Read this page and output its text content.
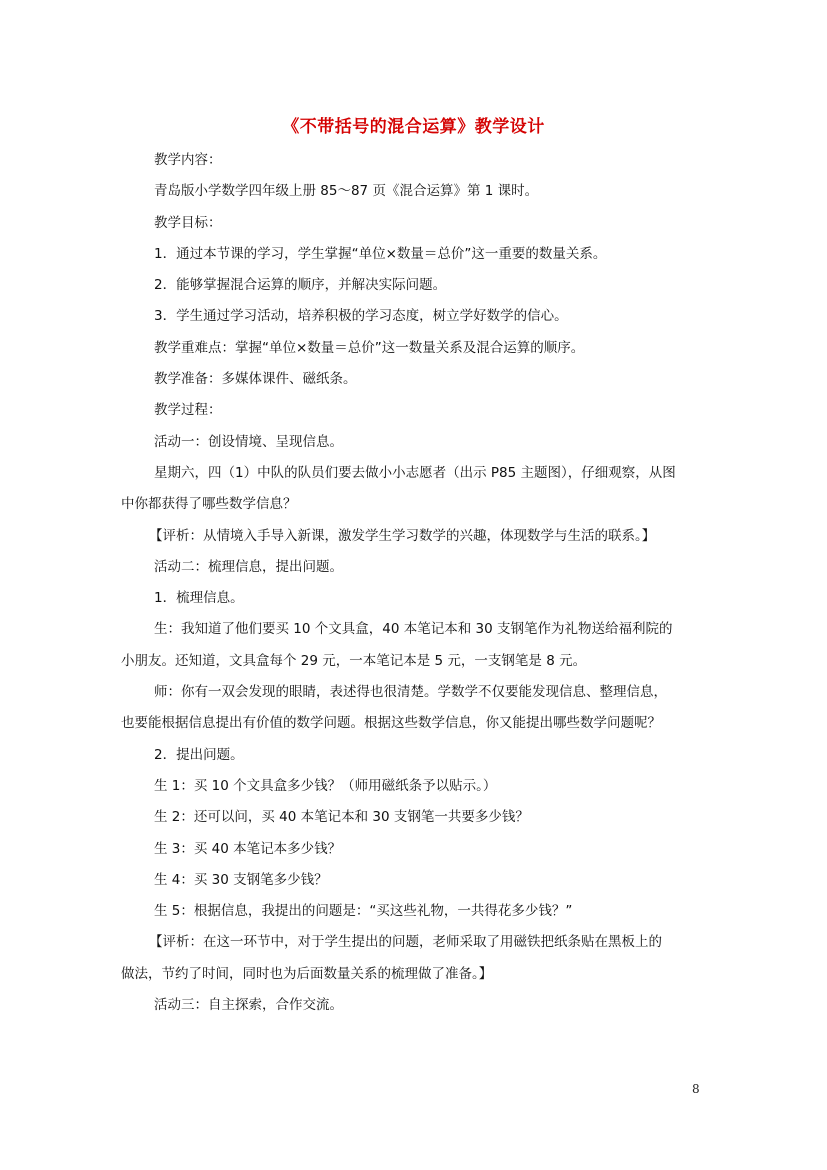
《不带括号的混合运算》教学设计
教学内容：
青岛版小学数学四年级上册 85～87 页《混合运算》第 1 课时。
教学目标：
1．通过本节课的学习，学生掌握“单位×数量＝总价”这一重要的数量关系。
2．能够掌握混合运算的顺序，并解决实际问题。
3．学生通过学习活动，培养积极的学习态度，树立学好数学的信心。
教学重难点：掌握“单位×数量＝总价”这一数量关系及混合运算的顺序。
教学准备：多媒体课件、磁纸条。
教学过程：
活动一：创设情境、呈现信息。
星期六，四（1）中队的队员们要去做小小志愿者（出示 P85 主题图），仔细观察，从图
中你都获得了哪些数学信息？
【评析：从情境入手导入新课，激发学生学习数学的兴趣，体现数学与生活的联系。】
活动二：梳理信息，提出问题。
1．梳理信息。
生：我知道了他们要买 10 个文具盒，40 本笔记本和 30 支钢笔作为礼物送给福利院的
小朋友。还知道，文具盒每个 29 元，一本笔记本是 5 元，一支钢笔是 8 元。
师：你有一双会发现的眼睛，表述得也很清楚。学数学不仅要能发现信息、整理信息，
也要能根据信息提出有价值的数学问题。根据这些数学信息，你又能提出哪些数学问题呢？
2．提出问题。
生 1：买 10 个文具盒多少钱？（师用磁纸条予以贴示。）
生 2：还可以问，买 40 本笔记本和 30 支钢笔一共要多少钱？
生 3：买 40 本笔记本多少钱？
生 4：买 30 支钢笔多少钱？
生 5：根据信息，我提出的问题是：“买这些礼物，一共得花多少钱？”
【评析：在这一环节中，对于学生提出的问题，老师采取了用磁铁把纸条贴在黑板上的
做法，节约了时间，同时也为后面数量关系的梳理做了准备。】
活动三：自主探索，合作交流。
8
